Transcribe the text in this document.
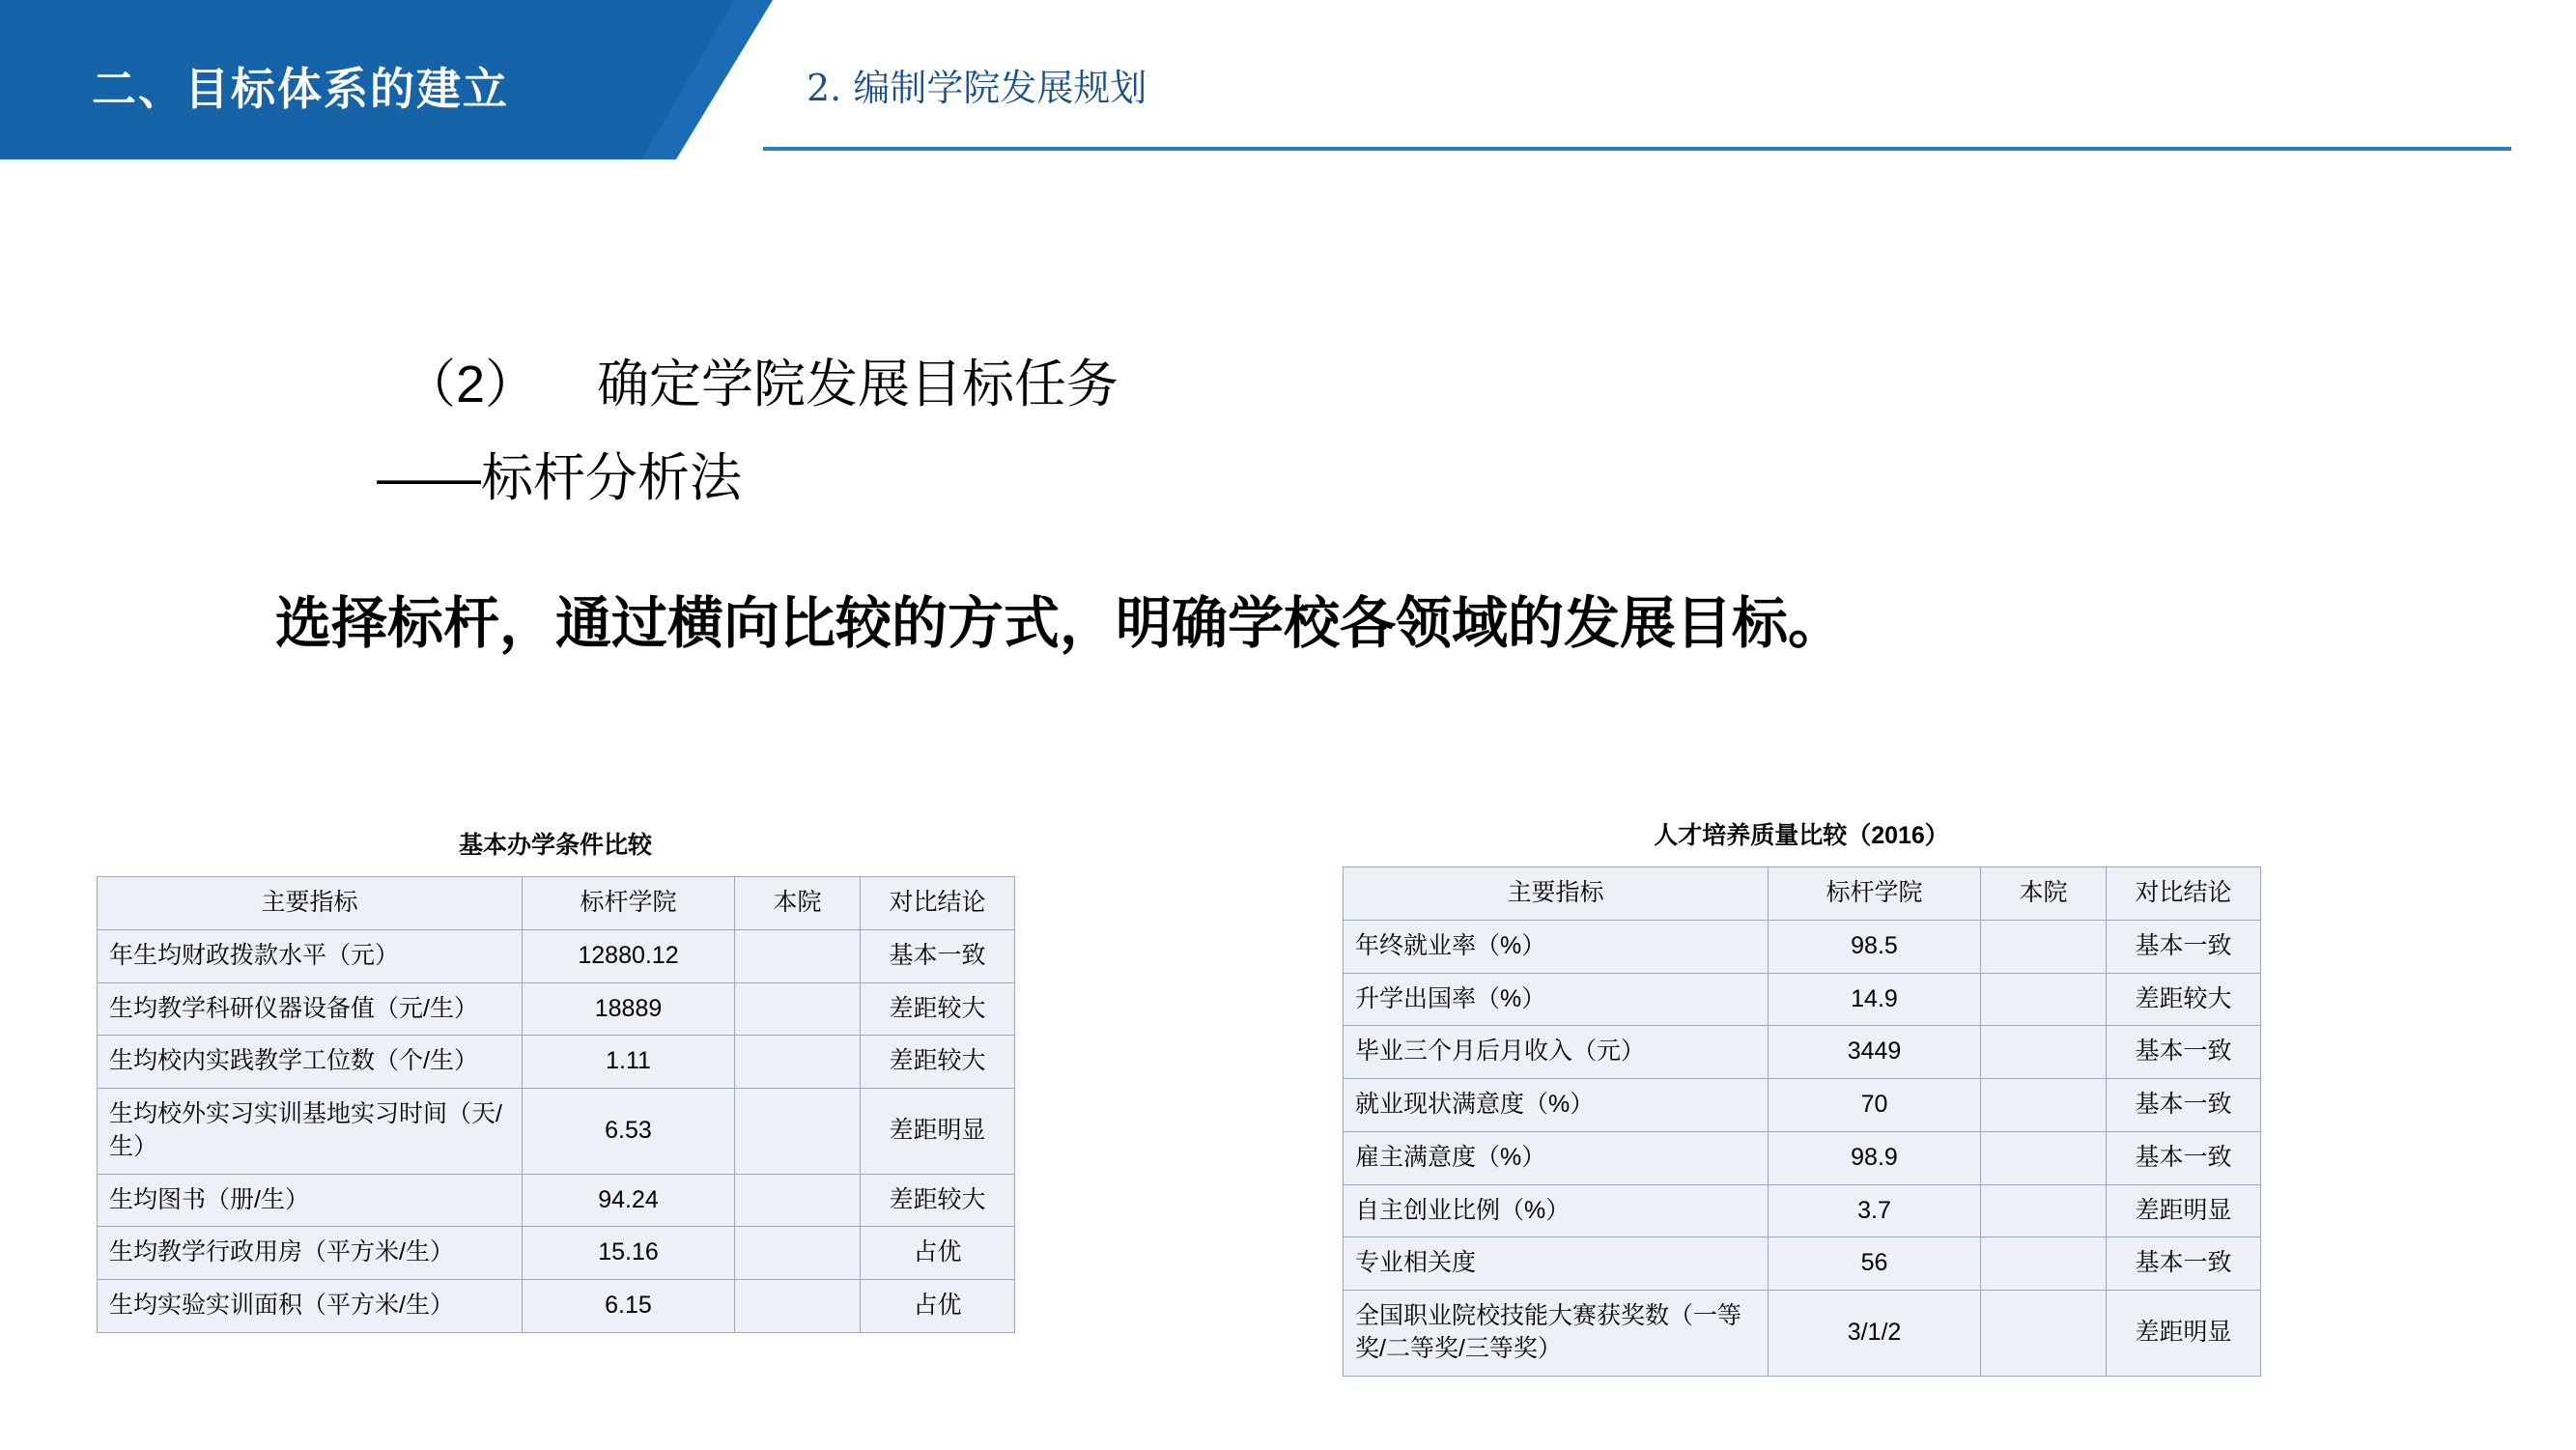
二、目标体系的建立	2. 编制学院发展规划
（2） 确定学院发展目标任务
——标杆分析法
选择标杆，通过横向比较的方式，明确学校各领域的发展目标。
基本办学条件比较
主要指标	标杆学院	本院	对比结论
年生均财政拨款水平（元）	12880.12		基本一致
生均教学科研仪器设备值（元/生）	18889		差距较大
生均校内实践教学工位数（个/生）	1.11		差距较大
生均校外实习实训基地实习时间（天/生）	6.53		差距明显
生均图书（册/生）	94.24		差距较大
生均教学行政用房（平方米/生）	15.16		占优
生均实验实训面积（平方米/生）	6.15		占优
人才培养质量比较（2016）
主要指标	标杆学院	本院	对比结论
年终就业率（%）	98.5		基本一致
升学出国率（%）	14.9		差距较大
毕业三个月后月收入（元）	3449		基本一致
就业现状满意度（%）	70		基本一致
雇主满意度（%）	98.9		基本一致
自主创业比例（%）	3.7		差距明显
专业相关度	56		基本一致
全国职业院校技能大赛获奖数（一等奖/二等奖/三等奖）	3/1/2		差距明显
